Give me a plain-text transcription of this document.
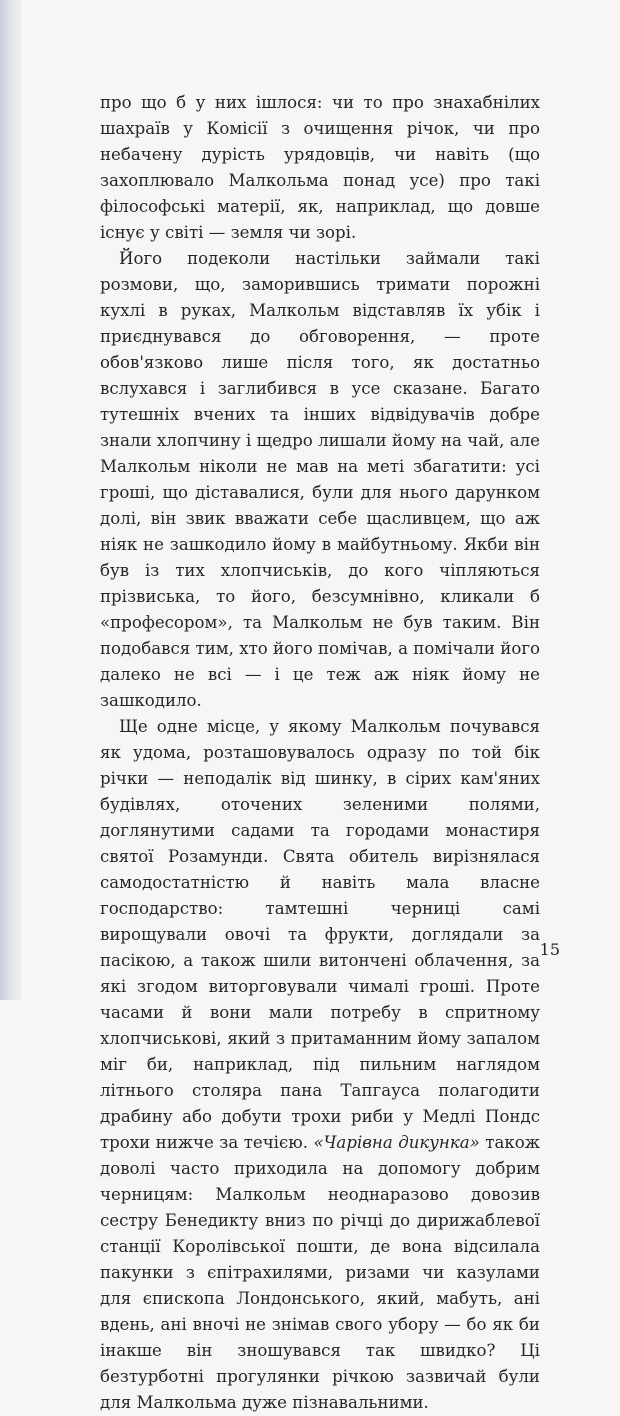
про що б у них ішлося: чи то про знахабнілих шахраїв у Комісії з очищення річок, чи про небачену дурість урядовців, чи навіть (що захоплювало Малкольма понад усе) про такі філософські матерії, як, наприклад, що довше існує у світі — земля чи зорі.

Його подеколи настільки займали такі розмови, що, заморившись тримати порожні кухлі в руках, Малкольм відставляв їх убік і приєднувався до обговорення, — проте обов'язково лише після того, як достатньо вслухався і заглибився в усе сказане. Багато тутешніх вчених та інших відвідувачів добре знали хлопчину і щедро лишали йому на чай, але Малкольм ніколи не мав на меті збагатити: усі гроші, що діставалися, були для нього дарунком долі, він звик вважати себе щасливцем, що аж ніяк не зашкодило йому в майбутньому. Якби він був із тих хлопчиськів, до кого чіпляються прізвиська, то його, безсумнівно, кликали б «професором», та Малкольм не був таким. Він подобався тим, хто його помічав, а помічали його далеко не всі — і це теж аж ніяк йому не зашкодило.

Ще одне місце, у якому Малкольм почувався як удома, розташовувалось одразу по той бік річки — неподалік від шинку, в сірих кам'яних будівлях, оточених зеленими полями, доглянутими садами та городами монастиря святої Розамунди. Свята обитель вирізнялася самодостатністю й навіть мала власне господарство: тамтешні черниці самі вирощували овочі та фрукти, доглядали за пасікою, а також шили витончені облачення, за які згодом виторговували чималі гроші. Проте часами й вони мали потребу в спритному хлопчиськові, який з притаманним йому запалом міг би, наприклад, під пильним наглядом літнього столяра пана Тапгауса полагодити драбину або добути трохи риби у Медлі Пондс трохи нижче за течією. «Чарівна дикунка» також доволі часто приходила на допомогу добрим черницям: Малкольм неоднаразово довозив сестру Бенедикту вниз по річці до дирижаблевої станції Королівської пошти, де вона відсилала пакунки з єпітрахилями, ризами чи казулами для єпископа Лондонського, який, мабуть, ані вдень, ані вночі не знімав свого убору — бо як би інакше він зношувався так швидко? Ці безтурботні прогулянки річкою зазвичай були для Малкольма дуже пізнавальними.

15
